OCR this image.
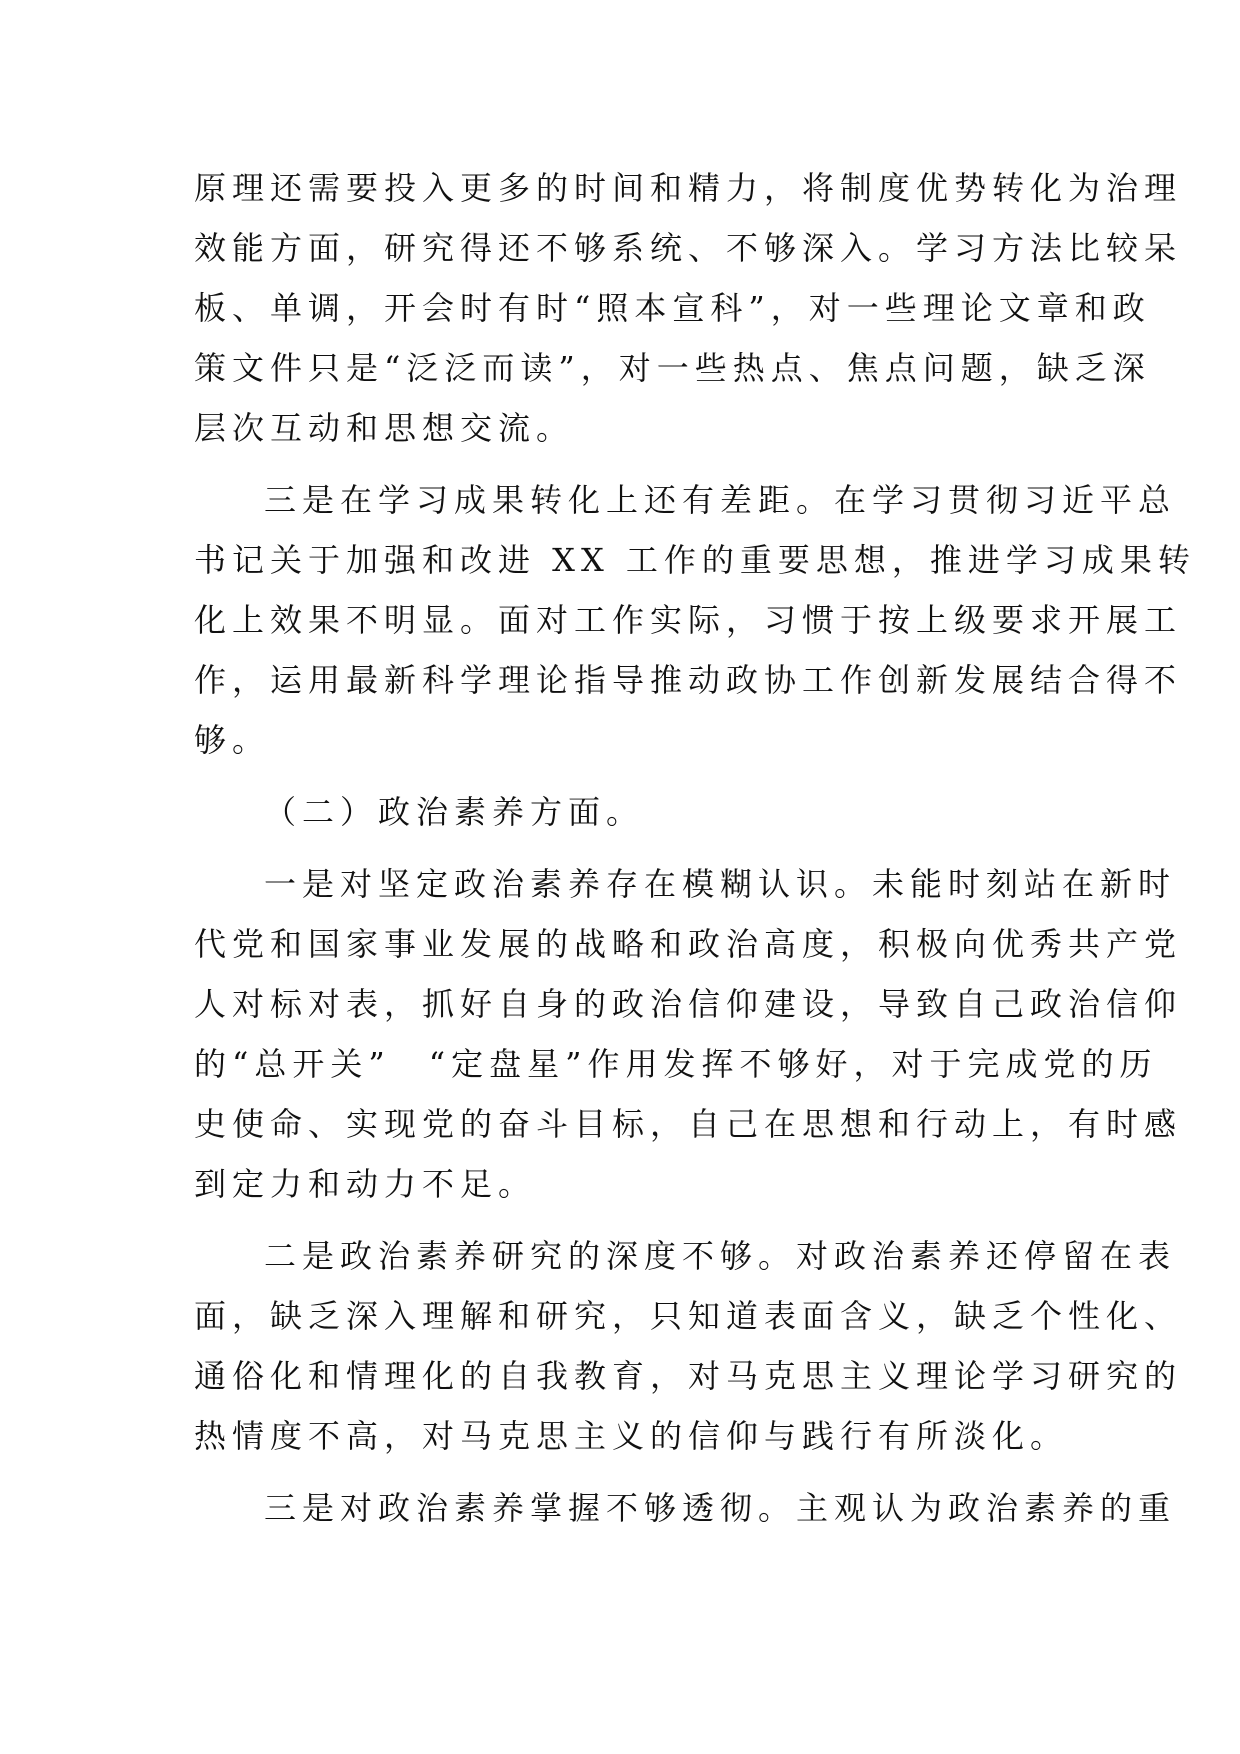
原理还需要投入更多的时间和精力，将制度优势转化为治理
效能方面，研究得还不够系统、不够深入。学习方法比较呆
板、单调，开会时有时“照本宣科”，对一些理论文章和政
策文件只是“泛泛而读”，对一些热点、焦点问题，缺乏深
层次互动和思想交流。
三是在学习成果转化上还有差距。在学习贯彻习近平总
书记关于加强和改进 XX 工作的重要思想，推进学习成果转
化上效果不明显。面对工作实际，习惯于按上级要求开展工
作，运用最新科学理论指导推动政协工作创新发展结合得不
够。
（二）政治素养方面。
一是对坚定政治素养存在模糊认识。未能时刻站在新时
代党和国家事业发展的战略和政治高度，积极向优秀共产党
人对标对表，抓好自身的政治信仰建设，导致自己政治信仰
的“总开关”　“定盘星”作用发挥不够好，对于完成党的历
史使命、实现党的奋斗目标，自己在思想和行动上，有时感
到定力和动力不足。
二是政治素养研究的深度不够。对政治素养还停留在表
面，缺乏深入理解和研究，只知道表面含义，缺乏个性化、
通俗化和情理化的自我教育，对马克思主义理论学习研究的
热情度不高，对马克思主义的信仰与践行有所淡化。
三是对政治素养掌握不够透彻。主观认为政治素养的重
